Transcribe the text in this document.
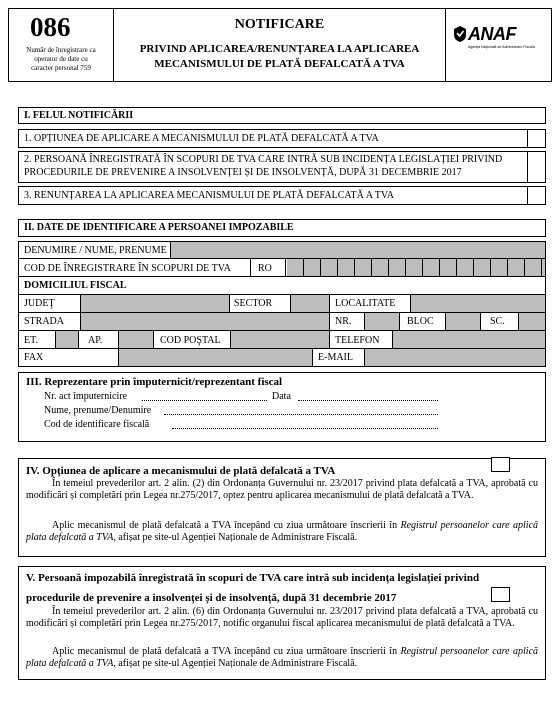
086
Număr de înregistrare ca
operator de date cu
caracter personal 759
NOTIFICARE
PRIVIND APLICAREA/RENUNȚAREA LA APLICAREA
MECANISMULUI DE PLATĂ DEFALCATĂ A TVA
ANAF
Agenţia Naţională de Administrare Fiscală
I. FELUL NOTIFICĂRII
1. OPȚIUNEA DE APLICARE A MECANISMULUI DE PLATĂ DEFALCATĂ A TVA
2. PERSOANĂ ÎNREGISTRATĂ ÎN SCOPURI DE TVA CARE INTRĂ SUB INCIDENȚA LEGISLAȚIEI PRIVIND
PROCEDURILE DE PREVENIRE A INSOLVENȚEI ȘI DE INSOLVENȚĂ, DUPĂ 31 DECEMBRIE 2017
3. RENUNȚAREA LA APLICAREA MECANISMULUI DE PLATĂ DEFALCATĂ A TVA
II. DATE DE IDENTIFICARE A PERSOANEI IMPOZABILE
DENUMIRE / NUME, PRENUME
COD DE ÎNREGISTRARE ÎN SCOPURI DE TVA	RO
DOMICILIUL FISCAL
JUDEŢ	SECTOR	LOCALITATE
STRADA	NR.	BLOC	SC.
ET.	AP.	COD POŞTAL	TELEFON
FAX	E-MAIL
III. Reprezentare prin împuternicit/reprezentant fiscal
Nr. act împuternicire	Data
Nume, prenume/Denumire
Cod de identificare fiscală
IV. Opțiunea de aplicare a mecanismului de plată defalcată a TVA
În temeiul prevederilor art. 2 alin. (2) din Ordonanța Guvernului nr. 23/2017 privind plata defalcată a TVA, aprobată cu modificări și completări prin Legea nr.275/2017, optez pentru aplicarea mecanismului de plată defalcată a TVA.
Aplic mecanismul de plată defalcată a TVA începând cu ziua următoare înscrierii în Registrul persoanelor care aplică plata defalcată a TVA, afișat pe site-ul Agenției Naționale de Administrare Fiscală.
V. Persoană impozabilă înregistrată în scopuri de TVA care intră sub incidența legislației privind
procedurile de prevenire a insolvenței și de insolvență, după 31 decembrie 2017
În temeiul prevederilor art. 2 alin. (6) din Ordonanța Guvernului nr. 23/2017 privind plata defalcată a TVA, aprobată cu modificări și completări prin Legea nr.275/2017, notific organului fiscal aplicarea mecanismului de plată defalcată a TVA.
Aplic mecanismul de plată defalcată a TVA începând cu ziua următoare înscrierii în Registrul persoanelor care aplică plata defalcată a TVA, afișat pe site-ul Agenției Naționale de Administrare Fiscală.
